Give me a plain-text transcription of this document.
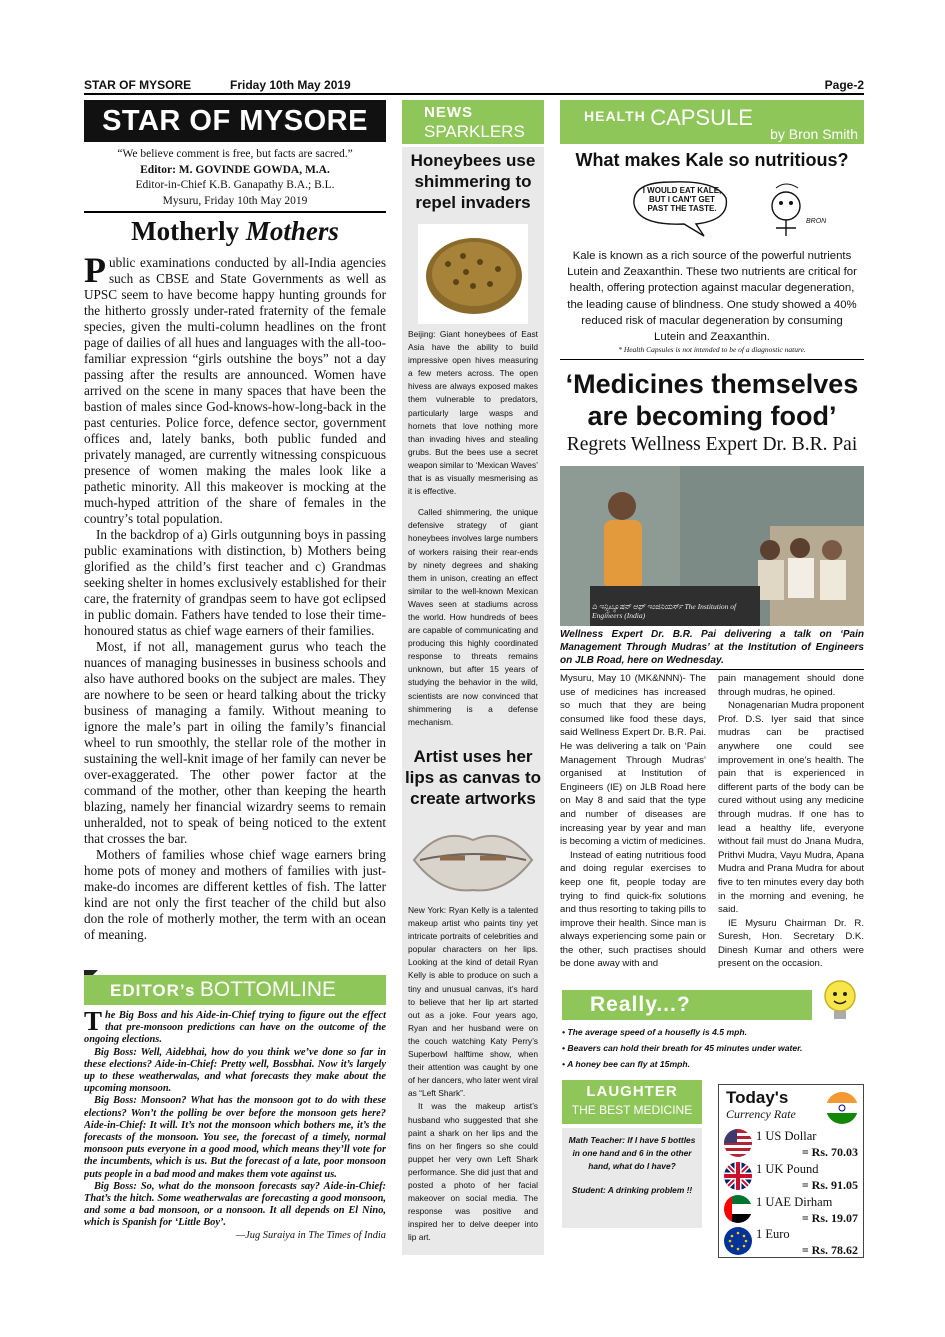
STAR OF MYSORE	Friday 10th May 2019	Page-2
STAR OF MYSORE
“We believe comment is free, but facts are sacred.”
Editor: M. GOVINDE GOWDA, M.A.
Editor-in-Chief K.B. Ganapathy B.A.; B.L.
Mysuru, Friday 10th May 2019
Motherly Mothers

Public examinations conducted by all-India agencies such as CBSE and State Governments as well as UPSC seem to have become happy hunting grounds for the hitherto grossly under-rated fraternity of the female species, given the multi-column headlines on the front page of dailies of all hues and languages with the all-too-familiar expression “girls outshine the boys” not a day passing after the results are announced. Women have arrived on the scene in many spaces that have been the bastion of males since God-knows-how-long-back in the past centuries. Police force, defence sector, government offices and, lately banks, both public funded and privately managed, are currently witnessing conspicuous presence of women making the males look like a pathetic minority. All this makeover is mocking at the much-hyped attrition of the share of females in the country’s total population.

In the backdrop of a) Girls outgunning boys in passing public examinations with distinction, b) Mothers being glorified as the child’s first teacher and c) Grandmas seeking shelter in homes exclusively established for their care, the fraternity of grandpas seem to have got eclipsed in public domain. Fathers have tended to lose their time-honoured status as chief wage earners of their families.

Most, if not all, management gurus who teach the nuances of managing businesses in business schools and also have authored books on the subject are males. They are nowhere to be seen or heard talking about the tricky business of managing a family. Without meaning to ignore the male’s part in oiling the family’s financial wheel to run smoothly, the stellar role of the mother in sustaining the well-knit image of her family can never be over-exaggerated. The other power factor at the command of the mother, other than keeping the hearth blazing, namely her financial wizardry seems to remain unheralded, not to speak of being noticed to the extent that crosses the bar.

Mothers of families whose chief wage earners bring home pots of money and mothers of families with just-make-do incomes are different kettles of fish. The latter kind are not only the first teacher of the child but also don the role of motherly mother, the term with an ocean of meaning.

EDITOR’s BOTTOMLINE

The Big Boss and his Aide-in-Chief trying to figure out the effect that pre-monsoon predictions can have on the outcome of the ongoing elections.

Big Boss: Well, Aidebhai, how do you think we’ve done so far in these elections? Aide-in-Chief: Pretty well, Bossbhai. Now it’s largely up to these weatherwalas, and what forecasts they make about the upcoming monsoon.

Big Boss: Monsoon? What has the monsoon got to do with these elections? Won’t the polling be over before the monsoon gets here? Aide-in-Chief: It will. It’s not the monsoon which bothers me, it’s the forecasts of the monsoon. You see, the forecast of a timely, normal monsoon puts everyone in a good mood, which means they’ll vote for the incumbents, which is us. But the forecast of a late, poor monsoon puts people in a bad mood and makes them vote against us.

Big Boss: So, what do the monsoon forecasts say? Aide-in-Chief: That’s the hitch. Some weatherwalas are forecasting a good monsoon, and some a bad monsoon, or a nonsoon. It all depends on El Nino, which is Spanish for ‘Little Boy’.

—Jug Suraiya in The Times of India
NEWS
SPARKLERS
Honeybees use shimmering to repel invaders

Beijing: Giant honeybees of East Asia have the ability to build impressive open hives measuring a few meters across. The open hivess are always exposed makes them vulnerable to predators, particularly large wasps and hornets that love nothing more than invading hives and stealing grubs. But the bees use a secret weapon similar to ‘Mexican Waves’ that is as visually mesmerising as it is effective.

Called shimmering, the unique defensive strategy of giant honeybees involves large numbers of workers raising their rear-ends by ninety degrees and shaking them in unison, creating an effect similar to the well-known Mexican Waves seen at stadiums across the world. How hundreds of bees are capable of communicating and producing this highly coordinated response to threats remains unknown, but after 15 years of studying the behavior in the wild, scientists are now convinced that shimmering is a defense mechanism.

Artist uses her lips as canvas to create artworks

New York: Ryan Kelly is a talented makeup artist who paints tiny yet intricate portraits of celebrities and popular characters on her lips. Looking at the kind of detail Ryan Kelly is able to produce on such a tiny and unusual canvas, it’s hard to believe that her lip art started out as a joke. Four years ago, Ryan and her husband were on the couch watching Katy Perry’s Superbowl halftime show, when their attention was caught by one of her dancers, who later went viral as “Left Shark”.

It was the makeup artist’s husband who suggested that she paint a shark on her lips and the fins on her fingers so she could puppet her very own Left Shark performance. She did just that and posted a photo of her facial makeover on social media. The response was positive and inspired her to delve deeper into lip art.

HEALTH CAPSULE
by Bron Smith
What makes Kale so nutritious?
I WOULD EAT KALE, BUT I CAN'T GET PAST THE TASTE.
BRON
Kale is known as a rich source of the powerful nutrients Lutein and Zeaxanthin. These two nutrients are critical for health, offering protection against macular degeneration, the leading cause of blindness. One study showed a 40% reduced risk of macular degeneration by consuming Lutein and Zeaxanthin.
* Health Capsules is not intended to be of a diagnostic nature.
‘Medicines themselves are becoming food’
Regrets Wellness Expert Dr. B.R. Pai
ದಿ ಇನ್ಸ್ಟಿಟ್ಯೂಷನ್ ಆಫ್ ಇಂಜಿನಿಯರ್ಸ್ The Institution of Engineers (India)
Wellness Expert Dr. B.R. Pai delivering a talk on ‘Pain Management Through Mudras’ at the Institution of Engineers on JLB Road, here on Wednesday.

Mysuru, May 10 (MK&NNN)- The use of medicines has increased so much that they are being consumed like food these days, said Wellness Expert Dr. B.R. Pai. He was delivering a talk on ‘Pain Management Through Mudras’ organised at Institution of Engineers (IE) on JLB Road here on May 8 and said that the type and number of diseases are increasing year by year and man is becoming a victim of medicines.

Instead of eating nutritious food and doing regular exercises to keep one fit, people today are trying to find quick-fix solutions and thus resorting to taking pills to improve their health. Since man is always experiencing some pain or the other, such practises should be done away with and

pain management should done through mudras, he opined.

Nonagenarian Mudra proponent Prof. D.S. Iyer said that since mudras can be practised anywhere one could see improvement in one’s health. The pain that is experienced in different parts of the body can be cured without using any medicine through mudras. If one has to lead a healthy life, everyone without fail must do Jnana Mudra, Prithvi Mudra, Vayu Mudra, Apana Mudra and Prana Mudra for about five to ten minutes every day both in the morning and evening, he said.

IE Mysuru Chairman Dr. R. Suresh, Hon. Secretary D.K. Dinesh Kumar and others were present on the occasion.

Really...?
• The average speed of a housefly is 4.5 mph.
• Beavers can hold their breath for 45 minutes under water.
• A honey bee can fly at 15mph.
LAUGHTER
THE BEST MEDICINE
Math Teacher: If I have 5 bottles in one hand and 6 in the other hand, what do I have?
Student: A drinking problem !!
Today's
Currency Rate
1 US Dollar
= Rs. 70.03
1 UK Pound
= Rs. 91.05
1 UAE Dirham
= Rs. 19.07
1 Euro
= Rs. 78.62
